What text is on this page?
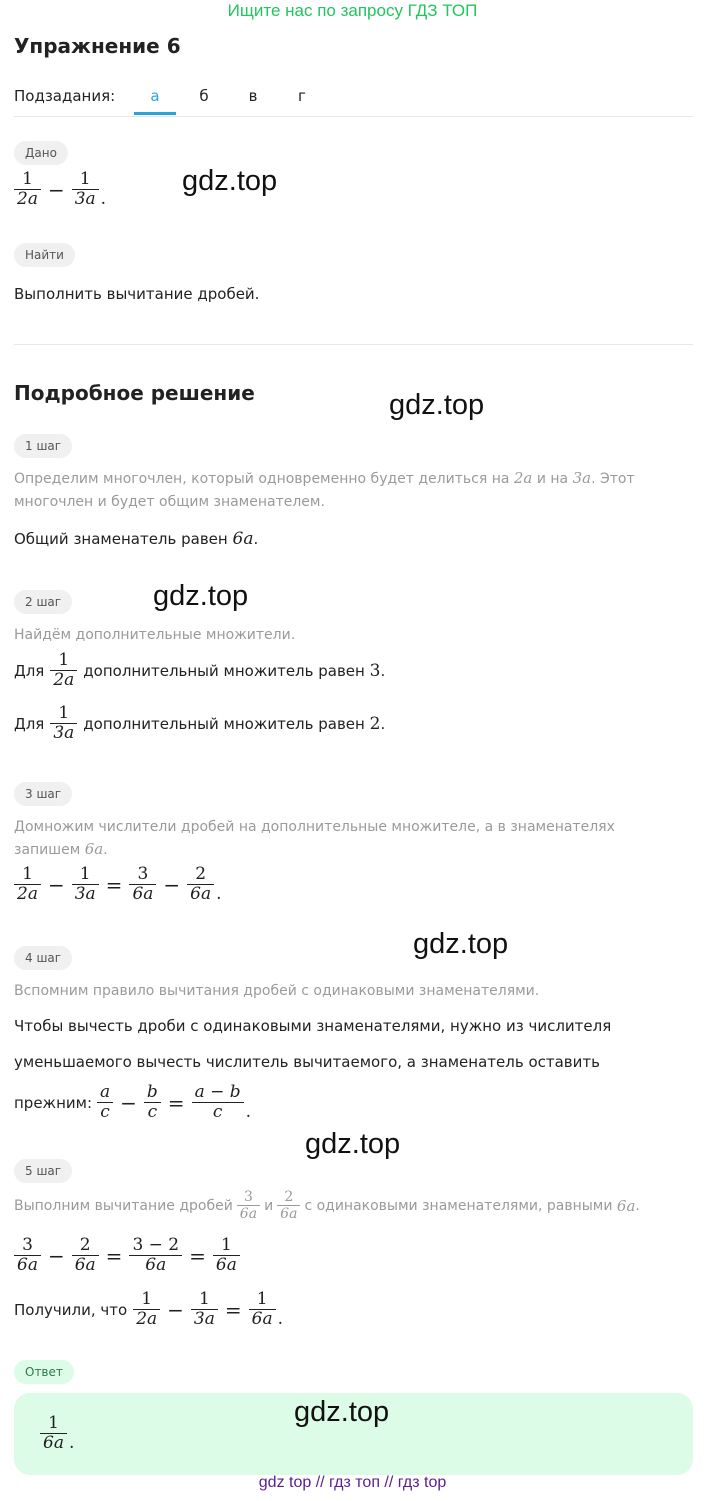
Ищите нас по запросу ГДЗ ТОП
Упражнение 6
Подзадания:	а	б	в	г
Дано
$\frac{1}{2a} - \frac{1}{3a}$ .
gdz.top
Найти
Выполнить вычитание дробей.
Подробное решение	gdz.top
1 шаг
Определим многочлен, который одновременно будет делиться на 2a и на 3a. Этот
многочлен и будет общим знаменателем.
Общий знаменатель равен 6a.
2 шаг	gdz.top
Найдём дополнительные множители.
Для $\frac{1}{2a}$ дополнительный множитель равен
3 .
Для $\frac{1}{3a}$ дополнительный множитель равен
2 .
3 шаг
Домножим числители дробей на дополнительные множителе, а в знаменателях
запишем 6a.
$\frac{1}{2a} - \frac{1}{3a} = \frac{3}{6a} - \frac{2}{6a}$ .
4 шаг	gdz.top
Вспомним правило вычитания дробей с одинаковыми знаменателями.
Чтобы вычесть дроби с одинаковыми знаменателями, нужно из числителя
уменьшаемого вычесть числитель вычитаемого, а знаменатель оставить
прежним: $\frac{a}{c} - \frac{b}{c} = \frac{a - b}{c}$ .
gdz.top
5 шаг
Выполним вычитание дробей $\frac{3}{6a}$ и $\frac{2}{6a}$ с одинаковыми знаменателями, равными
6a .
$\frac{3}{6a} - \frac{2}{6a} = \frac{3 - 2}{6a} = \frac{1}{6a}$
Получили, что $\frac{1}{2a} - \frac{1}{3a} = \frac{1}{6a}$ .
Ответ
$\frac{1}{6a}$ .
gdz.top
gdz top // гдз топ // гдз top
